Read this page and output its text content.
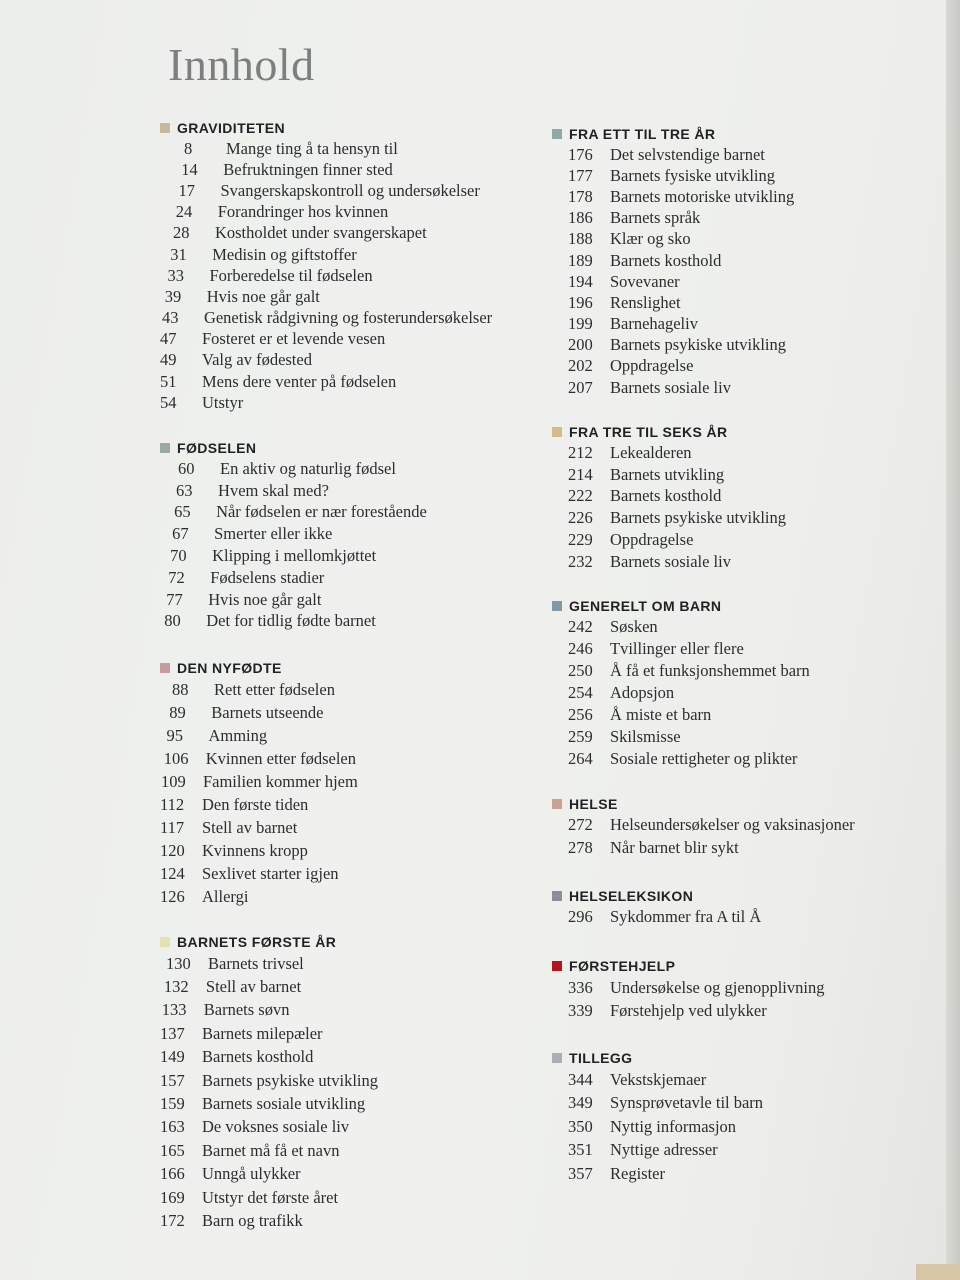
Innhold
GRAVIDITETEN
8	Mange ting å ta hensyn til
14	Befruktningen finner sted
17	Svangerskapskontroll og undersøkelser
24	Forandringer hos kvinnen
28	Kostholdet under svangerskapet
31	Medisin og giftstoffer
33	Forberedelse til fødselen
39	Hvis noe går galt
43	Genetisk rådgivning og fosterundersøkelser
47	Fosteret er et levende vesen
49	Valg av fødested
51	Mens dere venter på fødselen
54	Utstyr
FØDSELEN
60	En aktiv og naturlig fødsel
63	Hvem skal med?
65	Når fødselen er nær forestående
67	Smerter eller ikke
70	Klipping i mellomkjøttet
72	Fødselens stadier
77	Hvis noe går galt
80	Det for tidlig fødte barnet
DEN NYFØDTE
88	Rett etter fødselen
89	Barnets utseende
95	Amming
106	Kvinnen etter fødselen
109	Familien kommer hjem
112	Den første tiden
117	Stell av barnet
120	Kvinnens kropp
124	Sexlivet starter igjen
126	Allergi
BARNETS FØRSTE ÅR
130	Barnets trivsel
132	Stell av barnet
133	Barnets søvn
137	Barnets milepæler
149	Barnets kosthold
157	Barnets psykiske utvikling
159	Barnets sosiale utvikling
163	De voksnes sosiale liv
165	Barnet må få et navn
166	Unngå ulykker
169	Utstyr det første året
172	Barn og trafikk
FRA ETT TIL TRE ÅR
176	Det selvstendige barnet
177	Barnets fysiske utvikling
178	Barnets motoriske utvikling
186	Barnets språk
188	Klær og sko
189	Barnets kosthold
194	Sovevaner
196	Renslighet
199	Barnehageliv
200	Barnets psykiske utvikling
202	Oppdragelse
207	Barnets sosiale liv
FRA TRE TIL SEKS ÅR
212	Lekealderen
214	Barnets utvikling
222	Barnets kosthold
226	Barnets psykiske utvikling
229	Oppdragelse
232	Barnets sosiale liv
GENERELT OM BARN
242	Søsken
246	Tvillinger eller flere
250	Å få et funksjonshemmet barn
254	Adopsjon
256	Å miste et barn
259	Skilsmisse
264	Sosiale rettigheter og plikter
HELSE
272	Helseundersøkelser og vaksinasjoner
278	Når barnet blir sykt
HELSELEKSIKON
296	Sykdommer fra A til Å
FØRSTEHJELP
336	Undersøkelse og gjenopplivning
339	Førstehjelp ved ulykker
TILLEGG
344	Vekstskjemaer
349	Synsprøvetavle til barn
350	Nyttig informasjon
351	Nyttige adresser
357	Register
